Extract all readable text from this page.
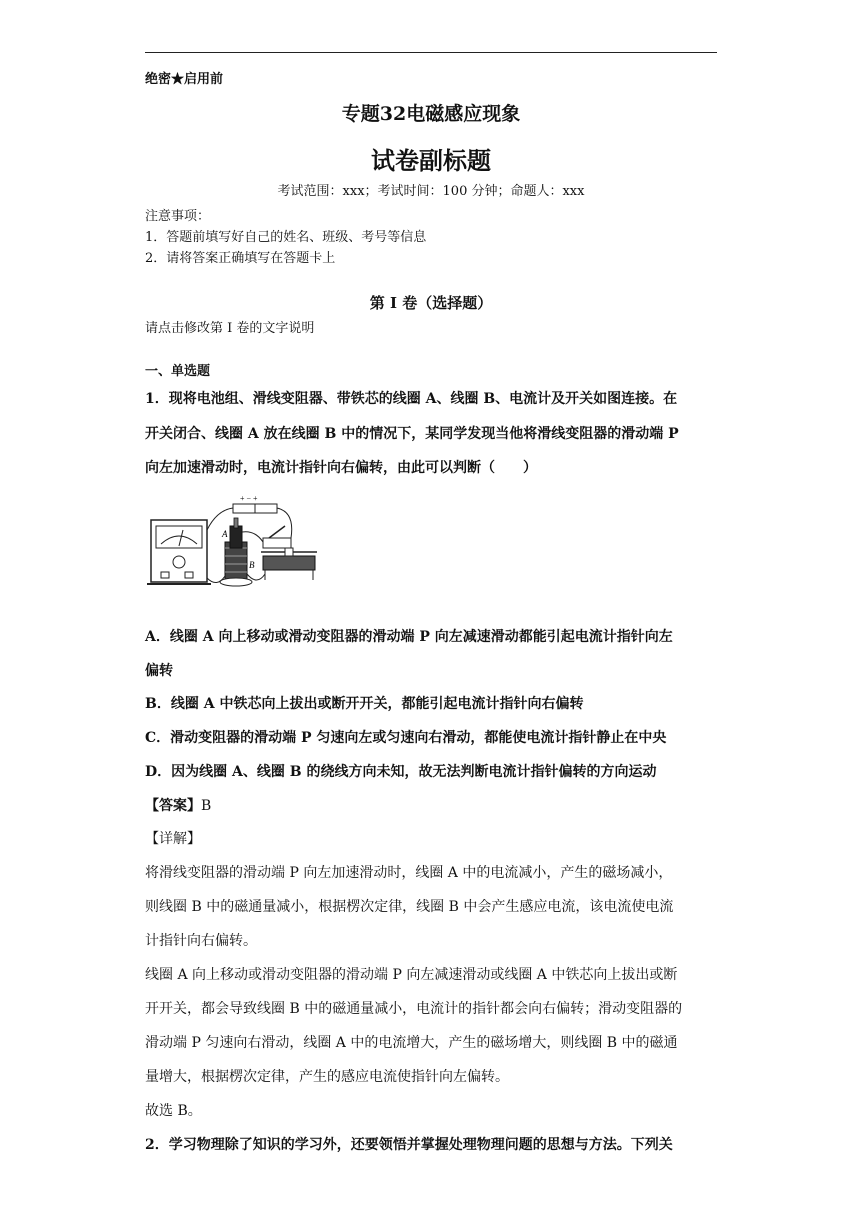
绝密★启用前
专题32电磁感应现象
试卷副标题
考试范围：xxx；考试时间：100 分钟；命题人：xxx
注意事项：
1．答题前填写好自己的姓名、班级、考号等信息
2．请将答案正确填写在答题卡上
第 I 卷（选择题）
请点击修改第 I 卷的文字说明
一、单选题
1．现将电池组、滑线变阻器、带铁芯的线圈 A、线圈 B、电流计及开关如图连接。在
开关闭合、线圈 A 放在线圈 B 中的情况下，某同学发现当他将滑线变阻器的滑动端 P
向左加速滑动时，电流计指针向右偏转，由此可以判断（　　）
A
B
+ − +
A．线圈 A 向上移动或滑动变阻器的滑动端 P 向左减速滑动都能引起电流计指针向左
偏转
B．线圈 A 中铁芯向上拔出或断开开关，都能引起电流计指针向右偏转
C．滑动变阻器的滑动端 P 匀速向左或匀速向右滑动，都能使电流计指针静止在中央
D．因为线圈 A、线圈 B 的绕线方向未知，故无法判断电流计指针偏转的方向运动
【答案】B
【详解】
将滑线变阻器的滑动端 P 向左加速滑动时，线圈 A 中的电流减小，产生的磁场减小，
则线圈 B 中的磁通量减小，根据楞次定律，线圈 B 中会产生感应电流，该电流使电流
计指针向右偏转。
线圈 A 向上移动或滑动变阻器的滑动端 P 向左减速滑动或线圈 A 中铁芯向上拔出或断
开开关，都会导致线圈 B 中的磁通量减小，电流计的指针都会向右偏转；滑动变阻器的
滑动端 P 匀速向右滑动，线圈 A 中的电流增大，产生的磁场增大，则线圈 B 中的磁通
量增大，根据楞次定律，产生的感应电流使指针向左偏转。
故选 B。
2．学习物理除了知识的学习外，还要领悟并掌握处理物理问题的思想与方法。下列关
